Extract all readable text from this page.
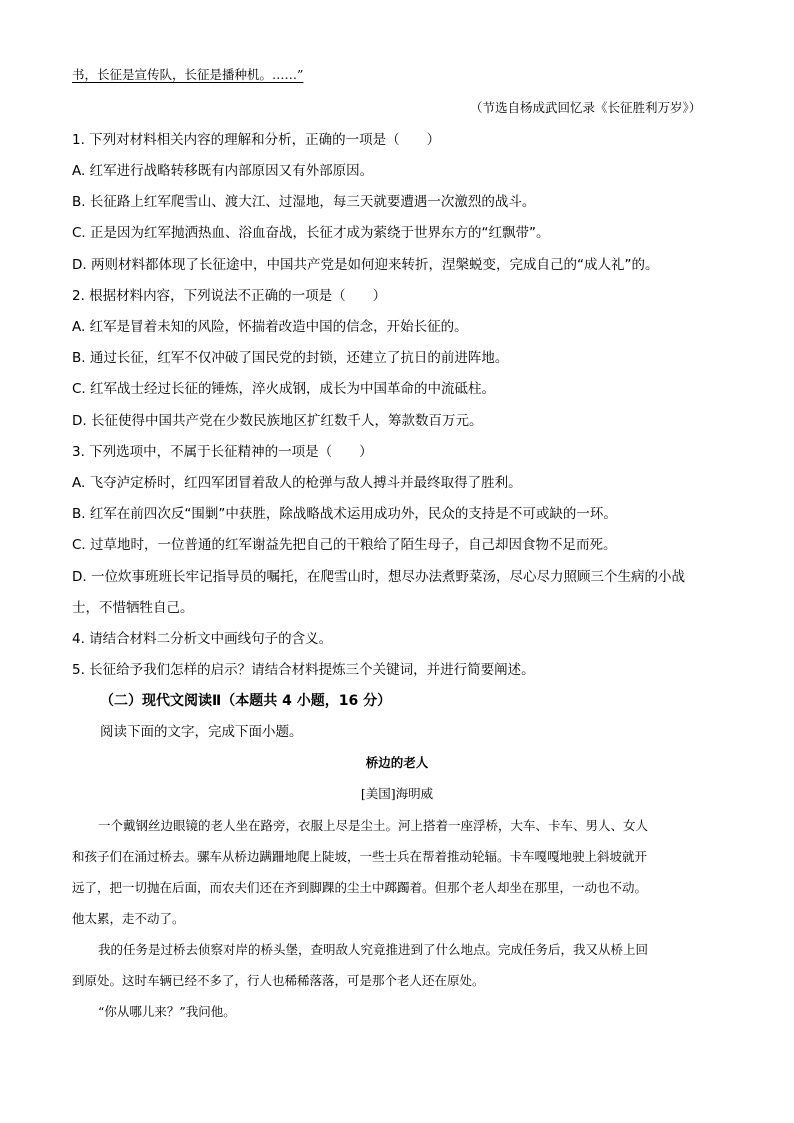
书，长征是宣传队，长征是播种机。……”
（节选自杨成武回忆录《长征胜利万岁》）
1. 下列对材料相关内容的理解和分析，正确的一项是（　　）
A. 红军进行战略转移既有内部原因又有外部原因。
B. 长征路上红军爬雪山、渡大江、过湿地，每三天就要遭遇一次激烈的战斗。
C. 正是因为红军抛洒热血、浴血奋战，长征才成为萦绕于世界东方的“红飘带”。
D. 两则材料都体现了长征途中，中国共产党是如何迎来转折，涅槃蜕变，完成自己的“成人礼”的。
2. 根据材料内容，下列说法不正确的一项是（　　）
A. 红军是冒着未知的风险，怀揣着改造中国的信念，开始长征的。
B. 通过长征，红军不仅冲破了国民党的封锁，还建立了抗日的前进阵地。
C. 红军战士经过长征的锤炼，淬火成钢，成长为中国革命的中流砥柱。
D. 长征使得中国共产党在少数民族地区扩红数千人，筹款数百万元。
3. 下列选项中，不属于长征精神的一项是（　　）
A. 飞夺泸定桥时，红四军团冒着敌人的枪弹与敌人搏斗并最终取得了胜利。
B. 红军在前四次反“围剿”中获胜，除战略战术运用成功外，民众的支持是不可或缺的一环。
C. 过草地时，一位普通的红军谢益先把自己的干粮给了陌生母子，自己却因食物不足而死。
D. 一位炊事班班长牢记指导员的嘱托，在爬雪山时，想尽办法煮野菜汤，尽心尽力照顾三个生病的小战
士，不惜牺牲自己。
4. 请结合材料二分析文中画线句子的含义。
5. 长征给予我们怎样的启示？请结合材料提炼三个关键词，并进行简要阐述。
（二）现代文阅读Ⅱ（本题共 4 小题，16 分）
阅读下面的文字，完成下面小题。
桥边的老人
[美国]海明威
一个戴钢丝边眼镜的老人坐在路旁，衣服上尽是尘土。河上搭着一座浮桥，大车、卡车、男人、女人
和孩子们在涌过桥去。骡车从桥边蹒跚地爬上陡坡，一些士兵在帮着推动轮辐。卡车嘎嘎地驶上斜坡就开
远了，把一切抛在后面，而农夫们还在齐到脚踝的尘土中踯躅着。但那个老人却坐在那里，一动也不动。
他太累，走不动了。
我的任务是过桥去侦察对岸的桥头堡，查明敌人究竟推进到了什么地点。完成任务后，我又从桥上回
到原处。这时车辆已经不多了，行人也稀稀落落，可是那个老人还在原处。
“你从哪儿来？”我问他。
